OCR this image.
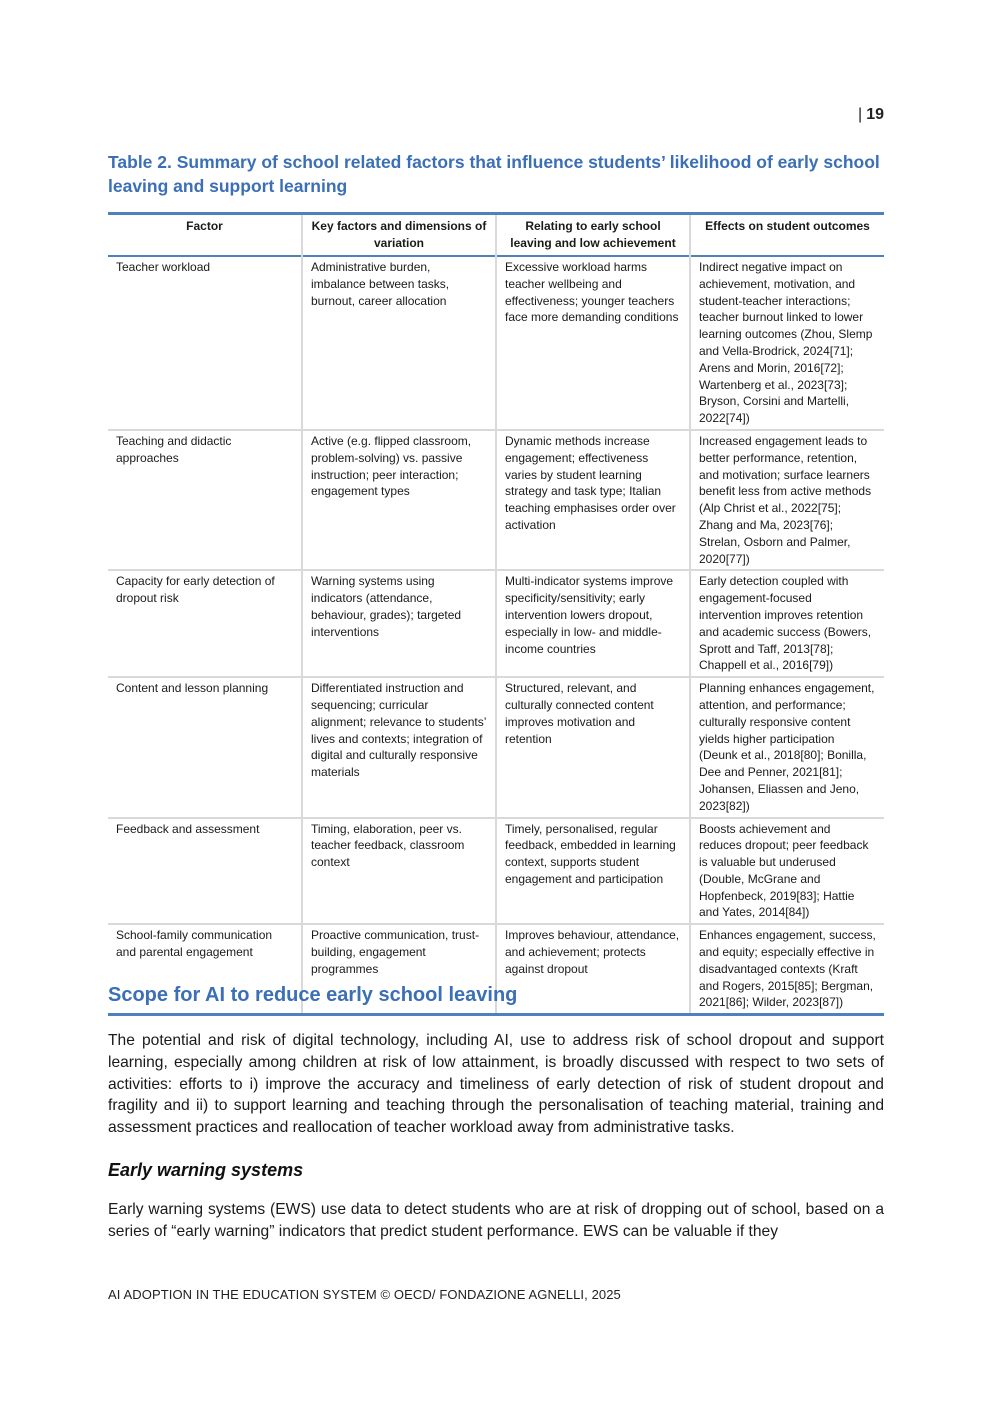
| 19
Table 2. Summary of school related factors that influence students’ likelihood of early school leaving and support learning
Factor	Key factors and dimensions of variation	Relating to early school leaving and low achievement	Effects on student outcomes
Teacher workload	Administrative burden, imbalance between tasks, burnout, career allocation	Excessive workload harms teacher wellbeing and effectiveness; younger teachers face more demanding conditions	Indirect negative impact on achievement, motivation, and student-teacher interactions; teacher burnout linked to lower learning outcomes (Zhou, Slemp and Vella-Brodrick, 2024[71]; Arens and Morin, 2016[72]; Wartenberg et al., 2023[73]; Bryson, Corsini and Martelli, 2022[74])
Teaching and didactic approaches	Active (e.g. flipped classroom, problem-solving) vs. passive instruction; peer interaction; engagement types	Dynamic methods increase engagement; effectiveness varies by student learning strategy and task type; Italian teaching emphasises order over activation	Increased engagement leads to better performance, retention, and motivation; surface learners benefit less from active methods (Alp Christ et al., 2022[75]; Zhang and Ma, 2023[76]; Strelan, Osborn and Palmer, 2020[77])
Capacity for early detection of dropout risk	Warning systems using indicators (attendance, behaviour, grades); targeted interventions	Multi-indicator systems improve specificity/sensitivity; early intervention lowers dropout, especially in low- and middle-income countries	Early detection coupled with engagement-focused intervention improves retention and academic success (Bowers, Sprott and Taff, 2013[78]; Chappell et al., 2016[79])
Content and lesson planning	Differentiated instruction and sequencing; curricular alignment; relevance to students’ lives and contexts; integration of digital and culturally responsive materials	Structured, relevant, and culturally connected content improves motivation and retention	Planning enhances engagement, attention, and performance; culturally responsive content yields higher participation (Deunk et al., 2018[80]; Bonilla, Dee and Penner, 2021[81]; Johansen, Eliassen and Jeno, 2023[82])
Feedback and assessment	Timing, elaboration, peer vs. teacher feedback, classroom context	Timely, personalised, regular feedback, embedded in learning context, supports student engagement and participation	Boosts achievement and reduces dropout; peer feedback is valuable but underused (Double, McGrane and Hopfenbeck, 2019[83]; Hattie and Yates, 2014[84])
School-family communication and parental engagement	Proactive communication, trust-building, engagement programmes	Improves behaviour, attendance, and achievement; protects against dropout	Enhances engagement, success, and equity; especially effective in disadvantaged contexts (Kraft and Rogers, 2015[85]; Bergman, 2021[86]; Wilder, 2023[87])
Scope for AI to reduce early school leaving
The potential and risk of digital technology, including AI, use to address risk of school dropout and support learning, especially among children at risk of low attainment, is broadly discussed with respect to two sets of activities: efforts to i) improve the accuracy and timeliness of early detection of risk of student dropout and fragility and ii) to support learning and teaching through the personalisation of teaching material, training and assessment practices and reallocation of teacher workload away from administrative tasks.
Early warning systems
Early warning systems (EWS) use data to detect students who are at risk of dropping out of school, based on a series of “early warning” indicators that predict student performance. EWS can be valuable if they
AI ADOPTION IN THE EDUCATION SYSTEM © OECD/ FONDAZIONE AGNELLI, 2025
